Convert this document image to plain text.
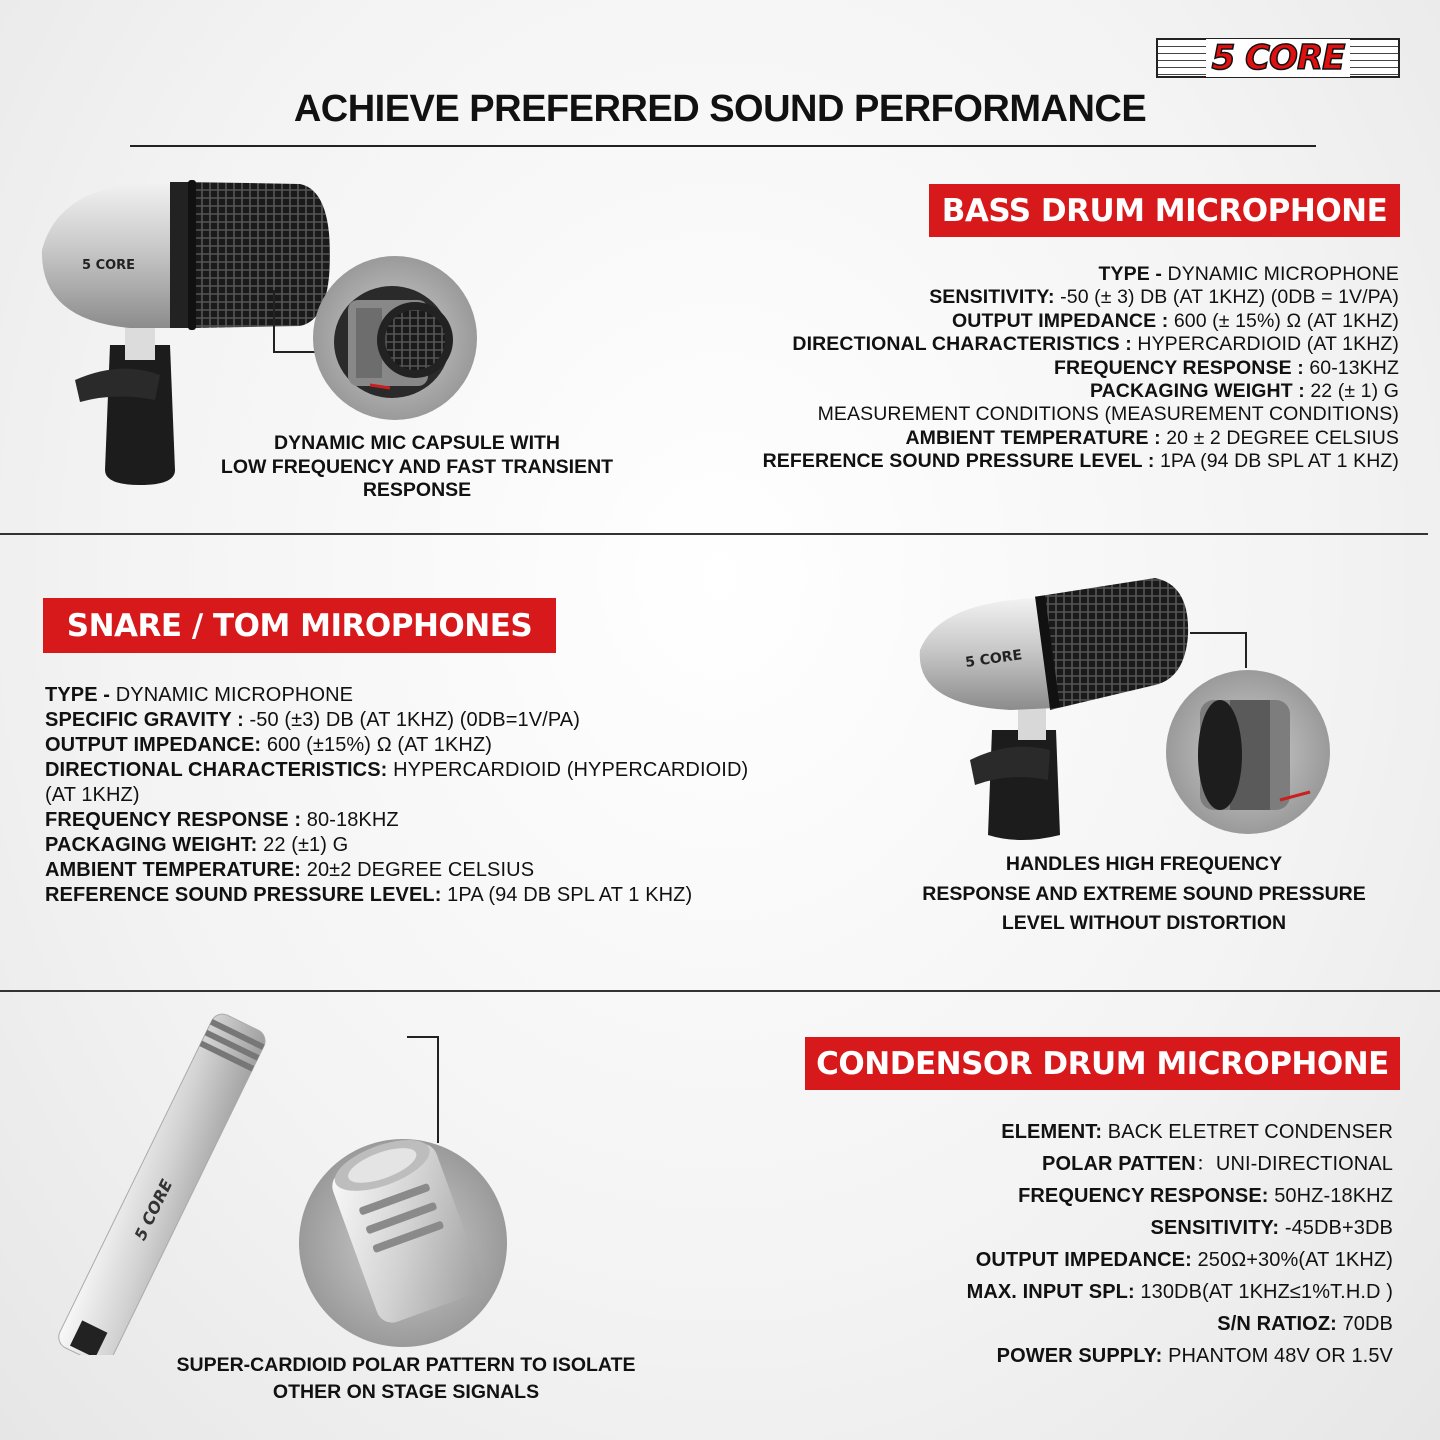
5 CORE
ACHIEVE PREFERRED SOUND PERFORMANCE
5 CORE
DYNAMIC MIC CAPSULE WITH
LOW FREQUENCY AND FAST TRANSIENT
RESPONSE
BASS DRUM MICROPHONE
TYPE - DYNAMIC MICROPHONE
SENSITIVITY: -50 (± 3) DB (AT 1KHZ) (0DB = 1V/PA)
OUTPUT IMPEDANCE : 600 (± 15%) Ω (AT 1KHZ)
DIRECTIONAL CHARACTERISTICS : HYPERCARDIOID (AT 1KHZ)
FREQUENCY RESPONSE : 60-13KHZ
PACKAGING WEIGHT : 22 (± 1) G
MEASUREMENT CONDITIONS (MEASUREMENT CONDITIONS)
AMBIENT TEMPERATURE : 20 ± 2 DEGREE CELSIUS
REFERENCE SOUND PRESSURE LEVEL : 1PA (94 DB SPL AT 1 KHZ)
SNARE / TOM MIROPHONES
TYPE - DYNAMIC MICROPHONE
SPECIFIC GRAVITY : -50 (±3) DB (AT 1KHZ) (0DB=1V/PA)
OUTPUT IMPEDANCE: 600 (±15%) Ω (AT 1KHZ)
DIRECTIONAL CHARACTERISTICS: HYPERCARDIOID (HYPERCARDIOID)
(AT 1KHZ)
FREQUENCY RESPONSE : 80-18KHZ
PACKAGING WEIGHT: 22 (±1) G
AMBIENT TEMPERATURE: 20±2 DEGREE CELSIUS
REFERENCE SOUND PRESSURE LEVEL: 1PA (94 DB SPL AT 1 KHZ)
5 CORE
HANDLES HIGH FREQUENCY
RESPONSE AND EXTREME SOUND PRESSURE
LEVEL WITHOUT DISTORTION
5 CORE
SUPER-CARDIOID POLAR PATTERN TO ISOLATE
OTHER ON STAGE SIGNALS
CONDENSOR DRUM MICROPHONE
ELEMENT: BACK ELETRET CONDENSER
POLAR PATTEN：UNI-DIRECTIONAL
FREQUENCY RESPONSE: 50HZ-18KHZ
SENSITIVITY: -45DB+3DB
OUTPUT IMPEDANCE: 250Ω+30%(AT 1KHZ)
MAX. INPUT SPL: 130DB(AT 1KHZ≤1%T.H.D )
S/N RATIOZ: 70DB
POWER SUPPLY: PHANTOM 48V OR 1.5V
